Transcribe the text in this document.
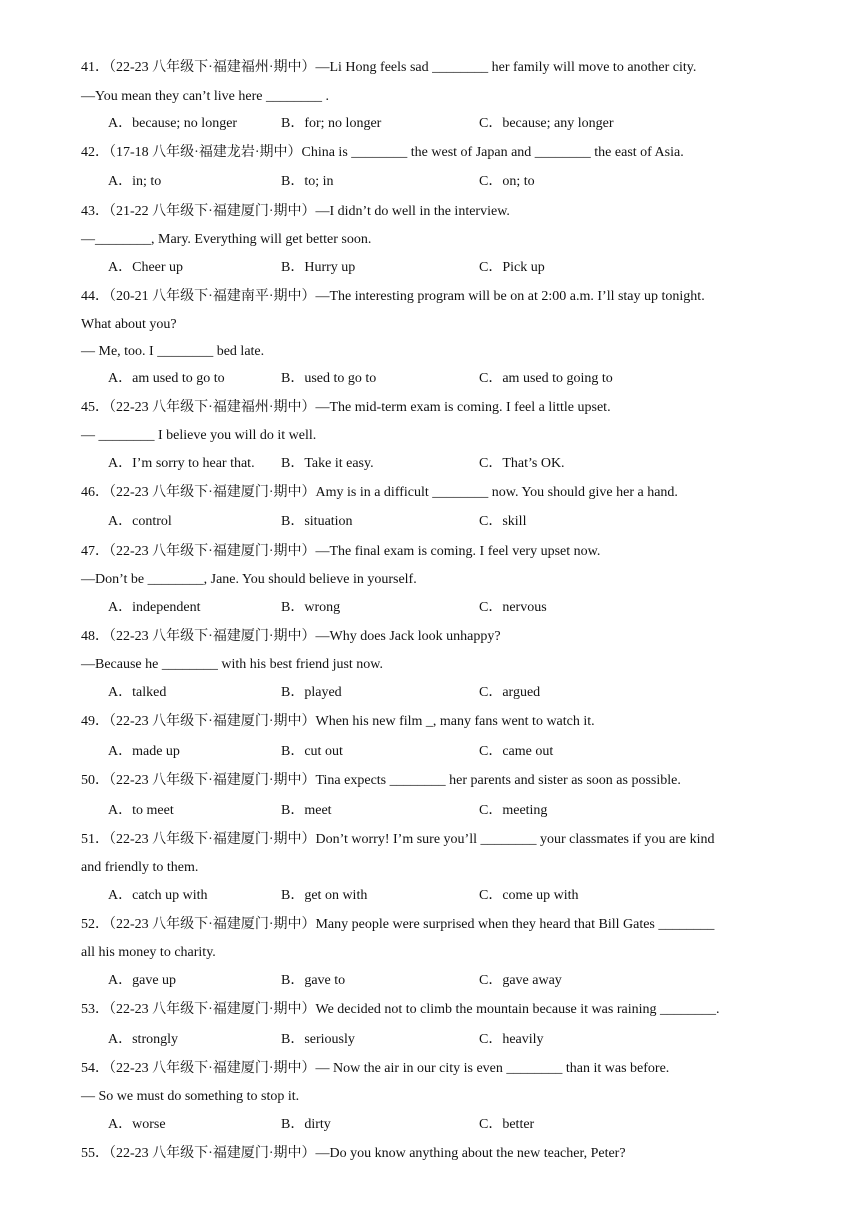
41．（22-23 八年级下·福建福州·期中）—Li Hong feels sad ________ her family will move to another city.
—You mean they can’t live here ________ .
A．because; no longer	B．for; no longer	C．because; any longer
42．（17-18 八年级·福建龙岩·期中）China is ________ the west of Japan and ________ the east of Asia.
A．in; to	B．to; in	C．on; to
43．（21-22 八年级下·福建厦门·期中）—I didn’t do well in the interview.
—________, Mary. Everything will get better soon.
A．Cheer up	B．Hurry up	C．Pick up
44．（20-21 八年级下·福建南平·期中）—The interesting program will be on at 2:00 a.m. I’ll stay up tonight.
What about you?
— Me, too. I ________ bed late.
A．am used to go to	B．used to go to	C．am used to going to
45．（22-23 八年级下·福建福州·期中）—The mid-term exam is coming. I feel a little upset.
— ________ I believe you will do it well.
A．I’m sorry to hear that. B．Take it easy.	C．That’s OK.
46．（22-23 八年级下·福建厦门·期中）Amy is in a difficult ________ now. You should give her a hand.
A．control	B．situation	C．skill
47．（22-23 八年级下·福建厦门·期中）—The final exam is coming. I feel very upset now.
—Don’t be ________, Jane. You should believe in yourself.
A．independent	B．wrong	C．nervous
48．（22-23 八年级下·福建厦门·期中）—Why does Jack look unhappy?
—Because he ________ with his best friend just now.
A．talked	B．played	C．argued
49．（22-23 八年级下·福建厦门·期中）When his new film _, many fans went to watch it.
A．made up	B．cut out	C．came out
50．（22-23 八年级下·福建厦门·期中）Tina expects ________ her parents and sister as soon as possible.
A．to meet	B．meet	C．meeting
51．（22-23 八年级下·福建厦门·期中）Don’t worry! I’m sure you’ll ________ your classmates if you are kind
and friendly to them.
A．catch up with	B．get on with	C．come up with
52．（22-23 八年级下·福建厦门·期中）Many people were surprised when they heard that Bill Gates ________
all his money to charity.
A．gave up	B．gave to	C．gave away
53．（22-23 八年级下·福建厦门·期中）We decided not to climb the mountain because it was raining ________.
A．strongly	B．seriously	C．heavily
54．（22-23 八年级下·福建厦门·期中）— Now the air in our city is even ________ than it was before.
— So we must do something to stop it.
A．worse	B．dirty	C．better
55．（22-23 八年级下·福建厦门·期中）—Do you know anything about the new teacher, Peter?
